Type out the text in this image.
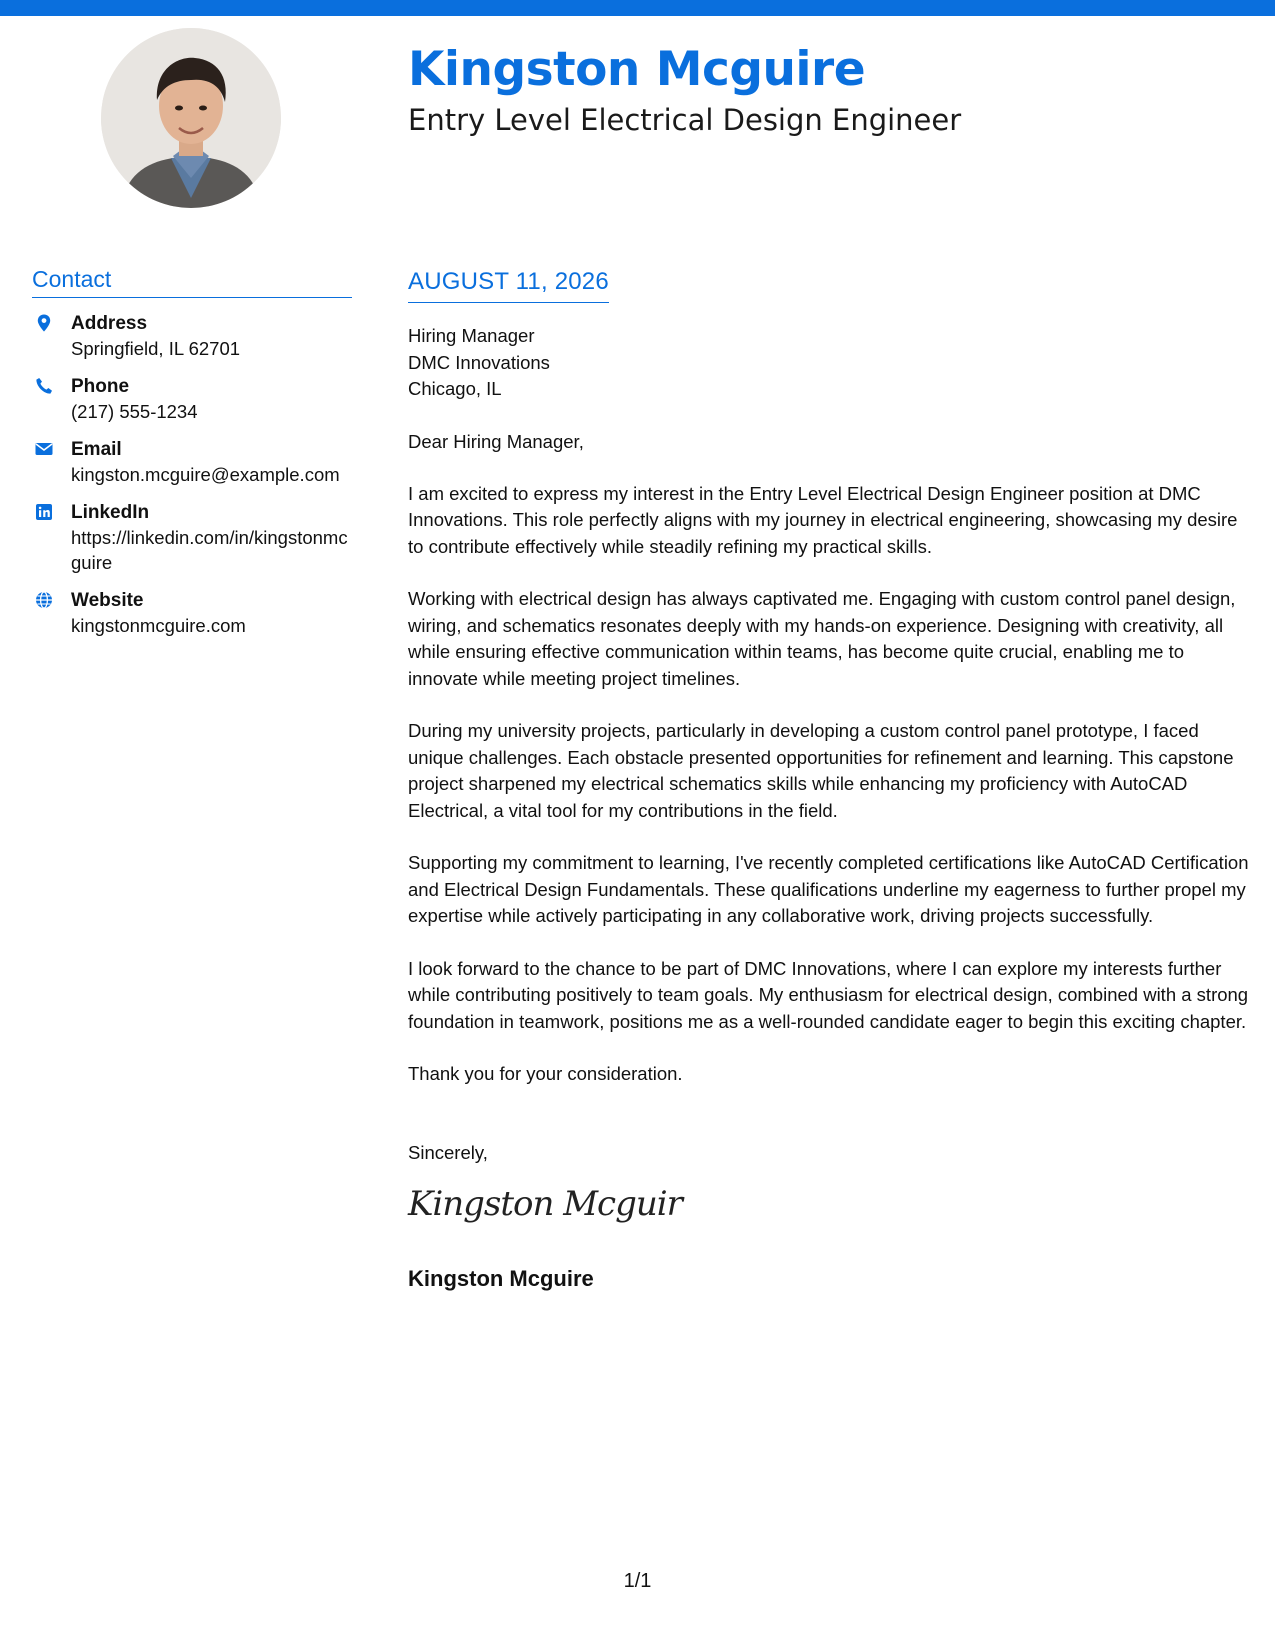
Kingston Mcguire
Entry Level Electrical Design Engineer
Contact
Address
Springfield, IL 62701
Phone
(217) 555-1234
Email
kingston.mcguire@example.com
LinkedIn
https://linkedin.com/in/kingstonmcguire
Website
kingstonmcguire.com
AUGUST 11, 2026
Hiring Manager
DMC Innovations
Chicago, IL
Dear Hiring Manager,

I am excited to express my interest in the Entry Level Electrical Design Engineer position at DMC Innovations. This role perfectly aligns with my journey in electrical engineering, showcasing my desire to contribute effectively while steadily refining my practical skills.

Working with electrical design has always captivated me. Engaging with custom control panel design, wiring, and schematics resonates deeply with my hands-on experience. Designing with creativity, all while ensuring effective communication within teams, has become quite crucial, enabling me to innovate while meeting project timelines.

During my university projects, particularly in developing a custom control panel prototype, I faced unique challenges. Each obstacle presented opportunities for refinement and learning. This capstone project sharpened my electrical schematics skills while enhancing my proficiency with AutoCAD Electrical, a vital tool for my contributions in the field.

Supporting my commitment to learning, I've recently completed certifications like AutoCAD Certification and Electrical Design Fundamentals. These qualifications underline my eagerness to further propel my expertise while actively participating in any collaborative work, driving projects successfully.

I look forward to the chance to be part of DMC Innovations, where I can explore my interests further while contributing positively to team goals. My enthusiasm for electrical design, combined with a strong foundation in teamwork, positions me as a well-rounded candidate eager to begin this exciting chapter.

Thank you for your consideration.

Sincerely,
Kingston Mcguir
Kingston Mcguire
1/1
